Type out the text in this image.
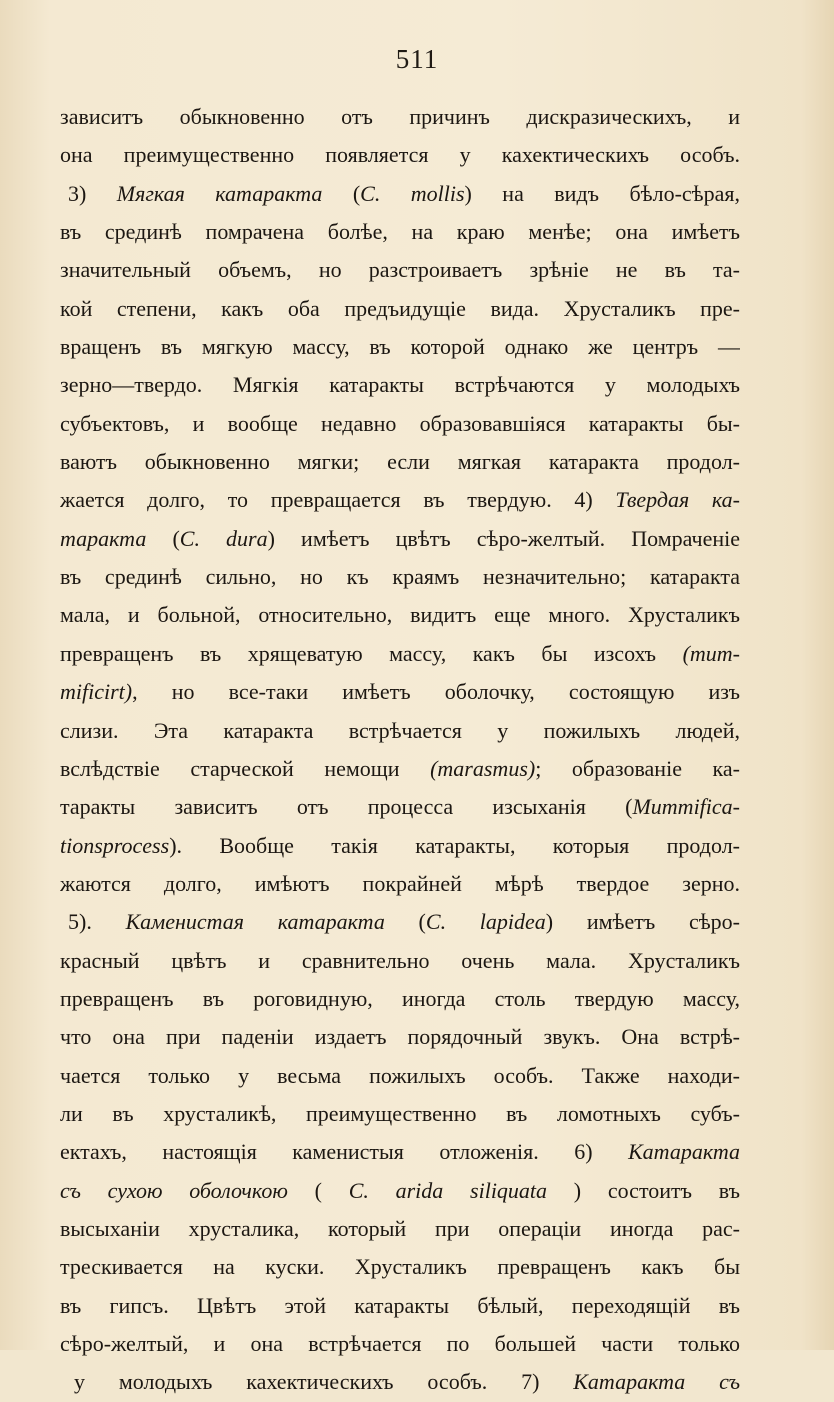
511
зависитъ обыкновенно отъ причинъ дискразическихъ, и
она преимущественно появляется у кахектическихъ особъ.
3) Мягкая катаракта (C. mollis) на видъ бѣло-сѣрая,
въ срединѣ помрачена болѣе, на краю менѣе; она имѣетъ
значительный объемъ, но разстроиваетъ зрѣніе не въ та-
кой степени, какъ оба предъидущіе вида. Хрусталикъ пре-
вращенъ въ мягкую массу, въ которой однако же центръ —
зерно—твердо. Мягкія катаракты встрѣчаются у молодыхъ
субъектовъ, и вообще недавно образовавшіяся катаракты бы-
ваютъ обыкновенно мягки; если мягкая катаракта продол-
жается долго, то превращается въ твердую. 4) Твердая ка-
таракта (C. dura) имѣетъ цвѣтъ сѣро-желтый. Помраченіе
въ срединѣ сильно, но къ краямъ незначительно; катаракта
мала, и больной, относительно, видитъ еще много. Хрусталикъ
превращенъ въ хрящеватую массу, какъ бы изсохъ (mum-
mificirt), но все-таки имѣетъ оболочку, состоящую изъ
слизи. Эта катаракта встрѣчается у пожилыхъ людей,
вслѣдствіе старческой немощи (marasmus); образованіе ка-
таракты зависитъ отъ процесса изсыханія (Mummifica-
tionsprocess). Вообще такія катаракты, которыя продол-
жаются долго, имѣютъ покрайней мѣрѣ твердое зерно.
5). Каменистая катаракта (C. lapidea) имѣетъ сѣро-
красный цвѣтъ и сравнительно очень мала. Хрусталикъ
превращенъ въ роговидную, иногда столь твердую массу,
что она при паденіи издаетъ порядочный звукъ. Она встрѣ-
чается только у весьма пожилыхъ особъ. Также находи-
ли въ хрусталикѣ, преимущественно въ ломотныхъ субъ-
ектахъ, настоящія каменистыя отложенія. 6) Катаракта
съ сухою оболочкою ( C. arida siliquata ) состоитъ въ
высыханіи хрусталика, который при операціи иногда рас-
трескивается на куски. Хрусталикъ превращенъ какъ бы
въ гипсъ. Цвѣтъ этой катаракты бѣлый, переходящій въ
сѣро-желтый, и она встрѣчается по большей части только
у молодыхъ кахектическихъ особъ. 7) Катаракта съ
